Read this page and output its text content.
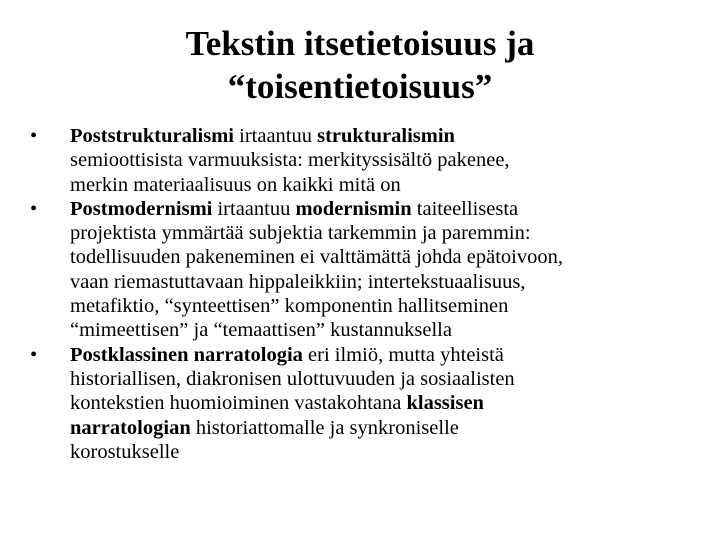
Tekstin itsetietoisuus ja
“toisentietoisuus”
•	Poststrukturalismi irtaantuu strukturalismin
semioottisista varmuuksista: merkityssisältö pakenee,
merkin materiaalisuus on kaikki mitä on
•	Postmodernismi irtaantuu modernismin taiteellisesta
projektista ymmärtää subjektia tarkemmin ja paremmin:
todellisuuden pakeneminen ei valttämättä johda epätoivoon,
vaan riemastuttavaan hippaleikkiin; intertekstuaalisuus,
metafiktio, “synteettisen” komponentin hallitseminen
“mimeettisen” ja “temaattisen” kustannuksella
•	Postklassinen narratologia eri ilmiö, mutta yhteistä
historiallisen, diakronisen ulottuvuuden ja sosiaalisten
kontekstien huomioiminen vastakohtana klassisen
narratologian historiattomalle ja synkroniselle
korostukselle
